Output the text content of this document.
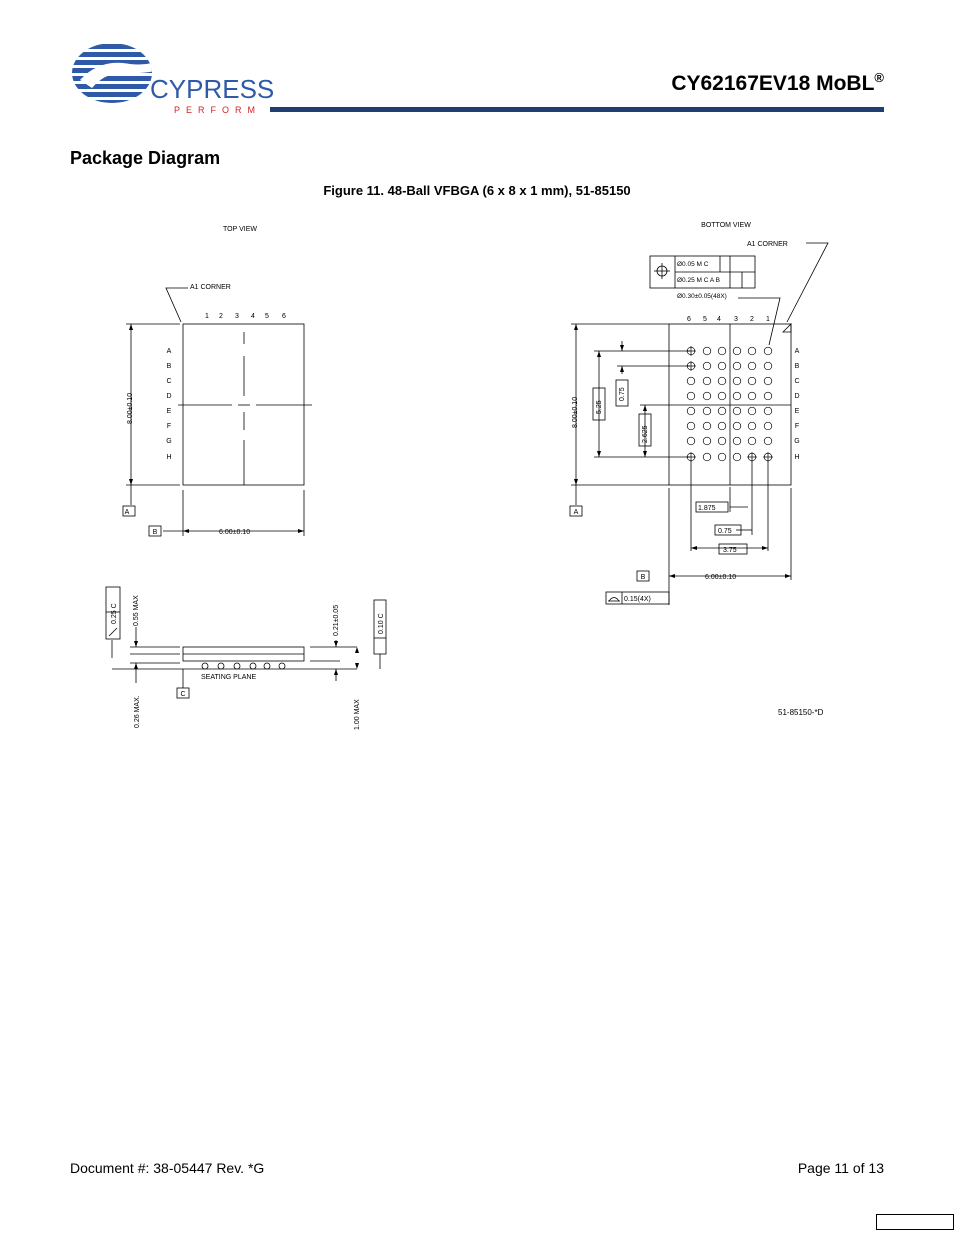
CYPRESS
PERFORM
CY62167EV18 MoBL®
Package Diagram
Figure 11. 48-Ball VFBGA (6 x 8 x 1 mm), 51-85150
TOP VIEW
BOTTOM VIEW
A1 CORNER
A1 CORNER
1 2 3 4 5 6
A
B
C
D
E
F
G
H
6 5 4 3 2 1
A
B
C
D
E
F
G
H
8.00±0.10
6.00±0.10
A
B
C
A
B
Ø0.05 M C
Ø0.25 M C A B
Ø0.30±0.05(48X)
8.00±0.10 5.25
0.75
2.625
1.875
0.75
3.75
6.00±0.10
0.15(4X)
0.25 C 0.55 MAX	0.21±0.05	0.10 C
0.26 MAX.
SEATING PLANE
1.00 MAX	51-85150-*D
Document #: 38-05447 Rev. *G	Page 11 of 13
